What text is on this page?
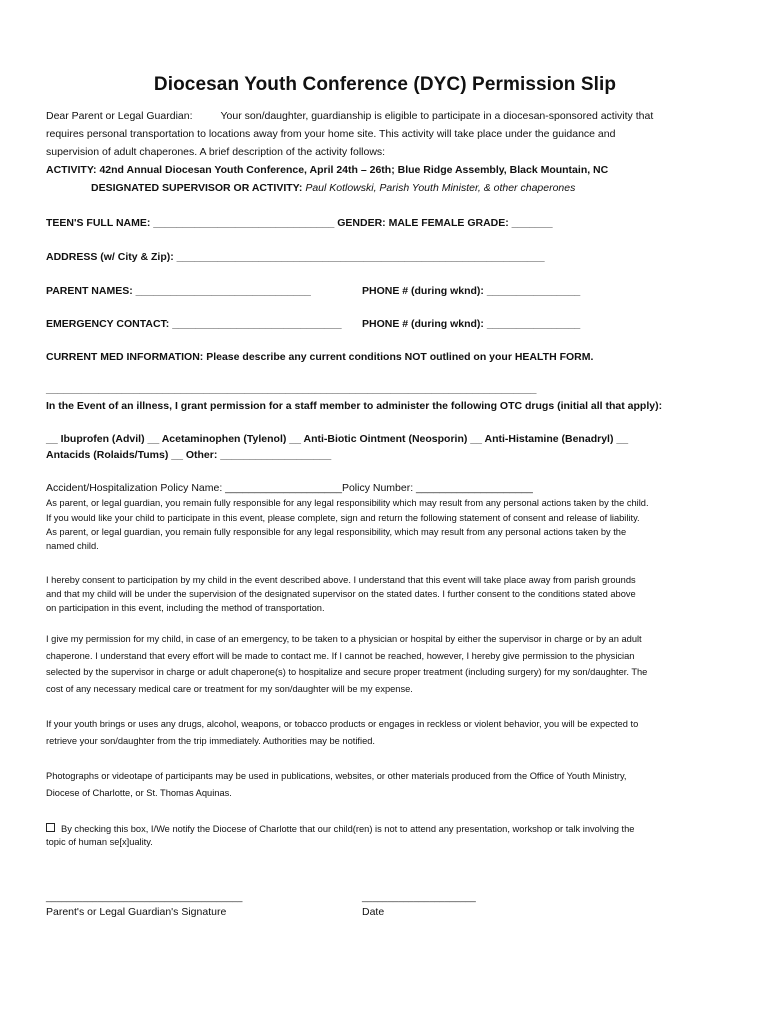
Diocesan Youth Conference (DYC) Permission Slip
Dear Parent or Legal Guardian:	Your son/daughter, guardianship is eligible to participate in a diocesan-sponsored activity that
requires personal transportation to locations away from your home site. This activity will take place under the guidance and
supervision of adult chaperones. A brief description of the activity follows:
ACTIVITY: 42nd Annual Diocesan Youth Conference, April 24th – 26th; Blue Ridge Assembly, Black Mountain, NC
DESIGNATED SUPERVISOR OR ACTIVITY: Paul Kotlowski, Parish Youth Minister, & other chaperones
TEEN'S FULL NAME: _______________________________ GENDER: MALE FEMALE GRADE: _______
ADDRESS (w/ City & Zip): _______________________________________________________________
PARENT NAMES: ______________________________	PHONE # (during wknd): ________________
EMERGENCY CONTACT: _____________________________ PHONE # (during wknd): ________________
CURRENT MED INFORMATION: Please describe any current conditions NOT outlined on your HEALTH FORM.
____________________________________________________________________________________
In the Event of an illness, I grant permission for a staff member to administer the following OTC drugs (initial all that apply):
__ Ibuprofen (Advil) __ Acetaminophen (Tylenol) __ Anti-Biotic Ointment (Neosporin) __ Anti-Histamine (Benadryl) __
Antacids (Rolaids/Tums) __ Other: ___________________
Accident/Hospitalization Policy Name: ____________________Policy Number: ____________________
As parent, or legal guardian, you remain fully responsible for any legal responsibility which may result from any personal actions taken by the child.
If you would like your child to participate in this event, please complete, sign and return the following statement of consent and release of liability.
As parent, or legal guardian, you remain fully responsible for any legal responsibility, which may result from any personal actions taken by the
named child.
I hereby consent to participation by my child in the event described above. I understand that this event will take place away from parish grounds
and that my child will be under the supervision of the designated supervisor on the stated dates. I further consent to the conditions stated above
on participation in this event, including the method of transportation.
I give my permission for my child, in case of an emergency, to be taken to a physician or hospital by either the supervisor in charge or by an adult
chaperone. I understand that every effort will be made to contact me. If I cannot be reached, however, I hereby give permission to the physician
selected by the supervisor in charge or adult chaperone(s) to hospitalize and secure proper treatment (including surgery) for my son/daughter. The
cost of any necessary medical care or treatment for my son/daughter will be my expense.
If your youth brings or uses any drugs, alcohol, weapons, or tobacco products or engages in reckless or violent behavior, you will be expected to
retrieve your son/daughter from the trip immediately. Authorities may be notified.
Photographs or videotape of participants may be used in publications, websites, or other materials produced from the Office of Youth Ministry,
Diocese of Charlotte, or St. Thomas Aquinas.
By checking this box, I/We notify the Diocese of Charlotte that our child(ren) is not to attend any presentation, workshop or talk involving the
topic of human se[x]uality.
______________________________________
Parent's or Legal Guardian's Signature
______________________
Date
